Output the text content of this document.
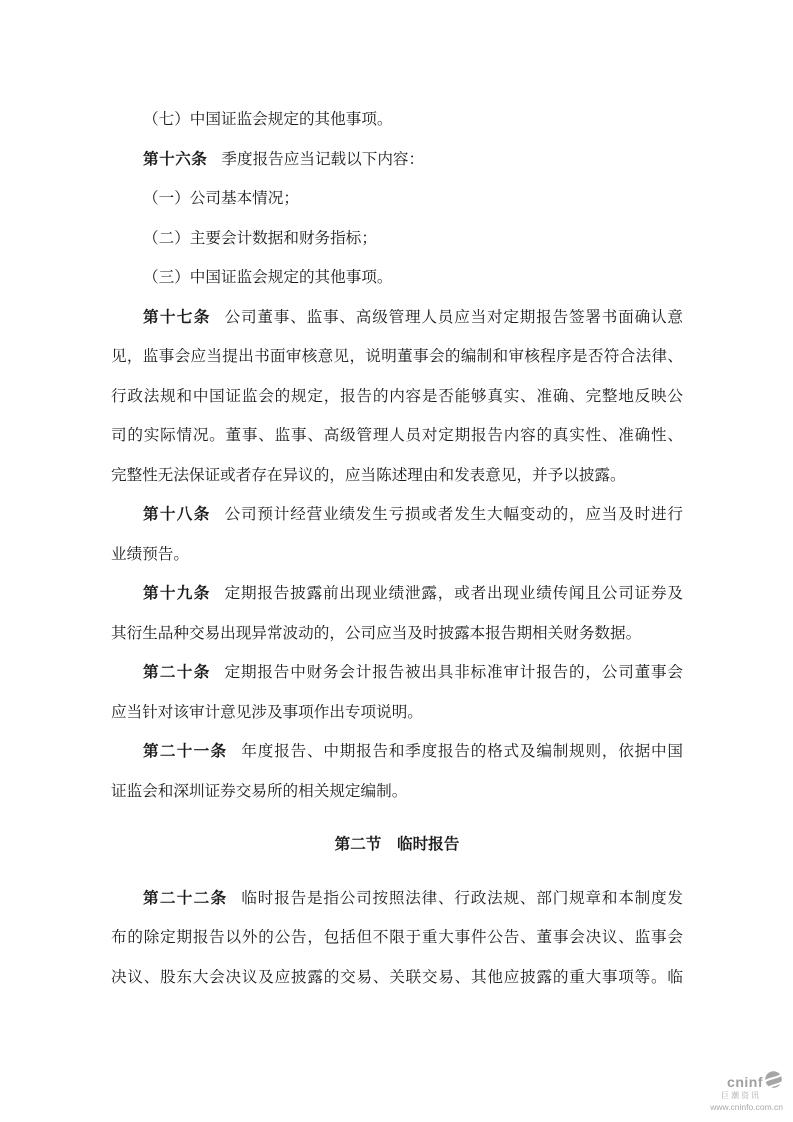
（七）中国证监会规定的其他事项。
第十六条 季度报告应当记载以下内容：
（一）公司基本情况；
（二）主要会计数据和财务指标；
（三）中国证监会规定的其他事项。
第十七条 公司董事、监事、高级管理人员应当对定期报告签署书面确认意
见，监事会应当提出书面审核意见，说明董事会的编制和审核程序是否符合法律、
行政法规和中国证监会的规定，报告的内容是否能够真实、准确、完整地反映公
司的实际情况。董事、监事、高级管理人员对定期报告内容的真实性、准确性、
完整性无法保证或者存在异议的，应当陈述理由和发表意见，并予以披露。
第十八条 公司预计经营业绩发生亏损或者发生大幅变动的，应当及时进行
业绩预告。
第十九条 定期报告披露前出现业绩泄露，或者出现业绩传闻且公司证券及
其衍生品种交易出现异常波动的，公司应当及时披露本报告期相关财务数据。
第二十条 定期报告中财务会计报告被出具非标准审计报告的，公司董事会
应当针对该审计意见涉及事项作出专项说明。
第二十一条 年度报告、中期报告和季度报告的格式及编制规则，依据中国
证监会和深圳证券交易所的相关规定编制。
第二节　临时报告
第二十二条 临时报告是指公司按照法律、行政法规、部门规章和本制度发
布的除定期报告以外的公告，包括但不限于重大事件公告、董事会决议、监事会
决议、股东大会决议及应披露的交易、关联交易、其他应披露的重大事项等。临
cninf
巨潮资讯
www.cninfo.com.cn
